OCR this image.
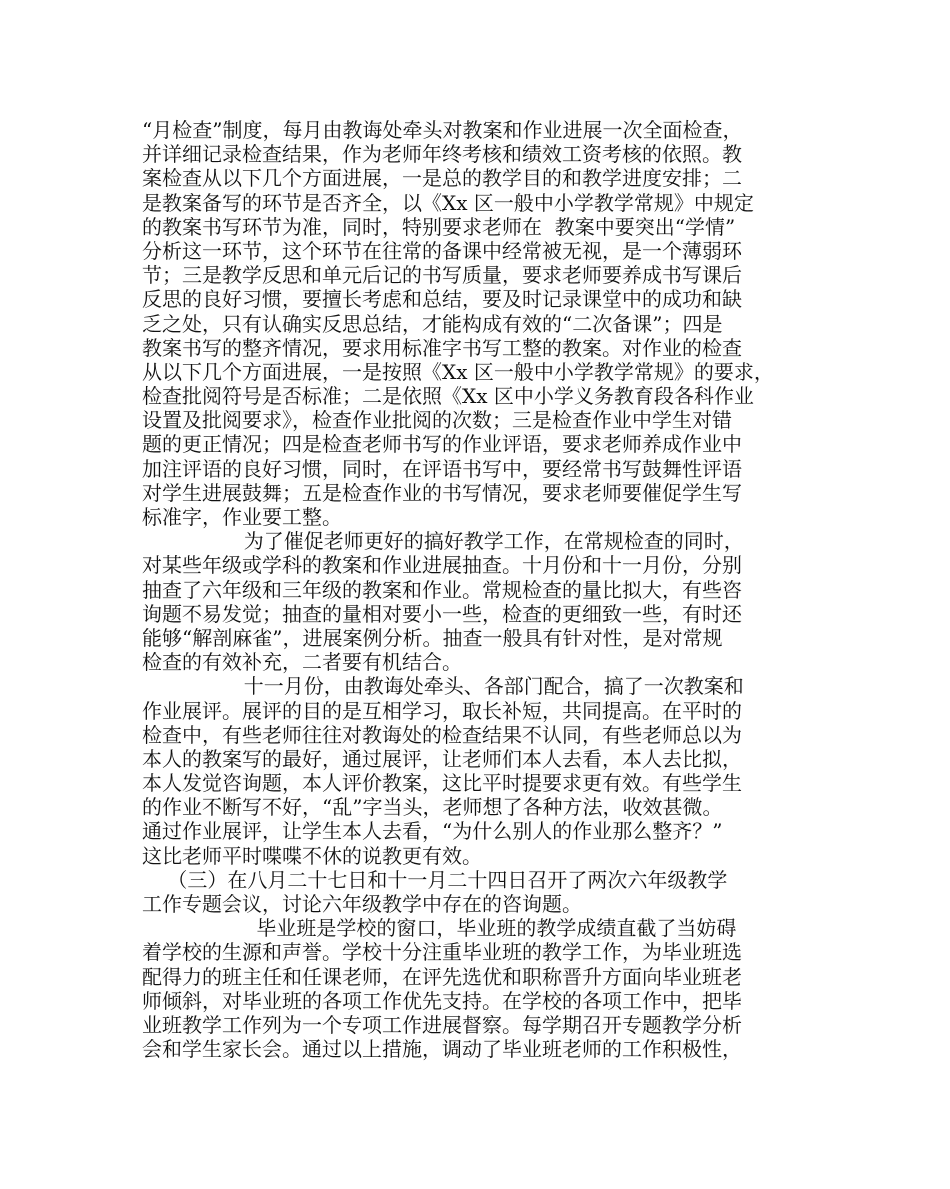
“月检查”制度，每月由教诲处牵头对教案和作业进展一次全面检查，
并详细记录检查结果，作为老师年终考核和绩效工资考核的依照。教
案检查从以下几个方面进展，一是总的教学目的和教学进度安排；二
是教案备写的环节是否齐全，以《Xx 区一般中小学教学常规》中规定
的教案书写环节为准，同时，特别要求老师在  教案中要突出“学情”
分析这一环节，这个环节在往常的备课中经常被无视，是一个薄弱环
节；三是教学反思和单元后记的书写质量，要求老师要养成书写课后
反思的良好习惯，要擅长考虑和总结，要及时记录课堂中的成功和缺
乏之处，只有认确实反思总结，才能构成有效的“二次备课”；四是
教案书写的整齐情况，要求用标准字书写工整的教案。对作业的检查
从以下几个方面进展，一是按照《Xx 区一般中小学教学常规》的要求，
检查批阅符号是否标准；二是依照《Xx 区中小学义务教育段各科作业
设置及批阅要求》，检查作业批阅的次数；三是检查作业中学生对错
题的更正情况；四是检查老师书写的作业评语，要求老师养成作业中
加注评语的良好习惯，同时，在评语书写中，要经常书写鼓舞性评语
对学生进展鼓舞；五是检查作业的书写情况，要求老师要催促学生写
标准字，作业要工整。
为了催促老师更好的搞好教学工作，在常规检查的同时，
对某些年级或学科的教案和作业进展抽查。十月份和十一月份，分别
抽查了六年级和三年级的教案和作业。常规检查的量比拟大，有些咨
询题不易发觉；抽查的量相对要小一些，检查的更细致一些，有时还
能够“解剖麻雀”，进展案例分析。抽查一般具有针对性，是对常规
检查的有效补充，二者要有机结合。
十一月份，由教诲处牵头、各部门配合，搞了一次教案和
作业展评。展评的目的是互相学习，取长补短，共同提高。在平时的
检查中，有些老师往往对教诲处的检查结果不认同，有些老师总以为
本人的教案写的最好，通过展评，让老师们本人去看，本人去比拟，
本人发觉咨询题，本人评价教案，这比平时提要求更有效。有些学生
的作业不断写不好，“乱”字当头，老师想了各种方法，收效甚微。
通过作业展评，让学生本人去看，“为什么别人的作业那么整齐？”
这比老师平时喋喋不休的说教更有效。
（三）在八月二十七日和十一月二十四日召开了两次六年级教学
工作专题会议，讨论六年级教学中存在的咨询题。
毕业班是学校的窗口，毕业班的教学成绩直截了当妨碍
着学校的生源和声誉。学校十分注重毕业班的教学工作，为毕业班选
配得力的班主任和任课老师，在评先选优和职称晋升方面向毕业班老
师倾斜，对毕业班的各项工作优先支持。在学校的各项工作中，把毕
业班教学工作列为一个专项工作进展督察。每学期召开专题教学分析
会和学生家长会。通过以上措施，调动了毕业班老师的工作积极性，
